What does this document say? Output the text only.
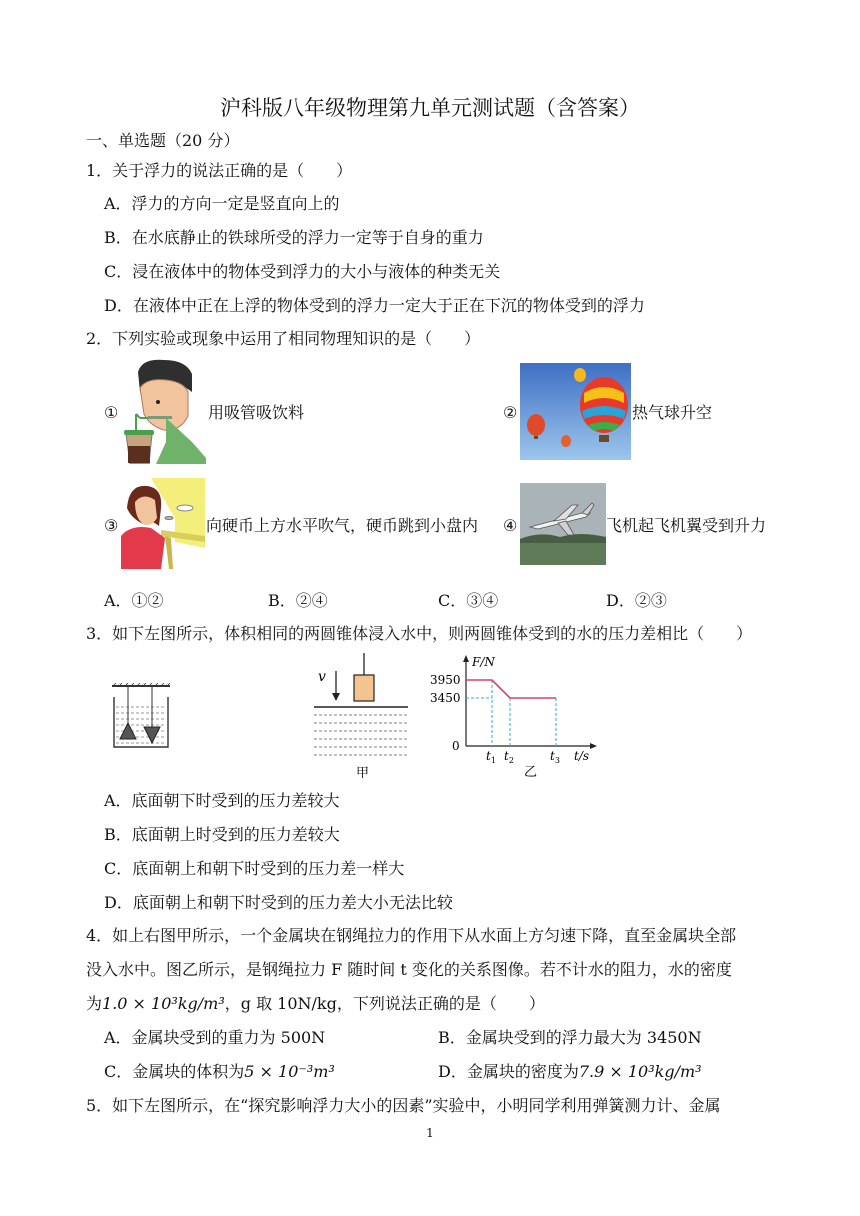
沪科版八年级物理第九单元测试题（含答案）
一、单选题（20 分）
1．关于浮力的说法正确的是（　　）
A．浮力的方向一定是竖直向上的
B．在水底静止的铁球所受的浮力一定等于自身的重力
C．浸在液体中的物体受到浮力的大小与液体的种类无关
D．在液体中正在上浮的物体受到的浮力一定大于正在下沉的物体受到的浮力
2．下列实验或现象中运用了相同物理知识的是（　　）
①	用吸管吸饮料	②	热气球升空
③	向硬币上方水平吹气，硬币跳到小盘内 ④	飞机起飞机翼受到升力
A．①②	B．②④	C．③④	D．②③
3．如下左图所示，体积相同的两圆锥体浸入水中，则两圆锥体受到的水的压力差相比（　　）
v
甲
F/N
3950
3450
0
$t_1$ $t_2$	$t_3$ t/s
乙
A．底面朝下时受到的压力差较大
B．底面朝上时受到的压力差较大
C．底面朝上和朝下时受到的压力差一样大
D．底面朝上和朝下时受到的压力差大小无法比较
4．如上右图甲所示，一个金属块在钢绳拉力的作用下从水面上方匀速下降，直至金属块全部
没入水中。图乙所示，是钢绳拉力 F 随时间 t 变化的关系图像。若不计水的阻力，水的密度
为1.0 × 10³kg/m³，g 取 10N/kg，下列说法正确的是（　　）
A．金属块受到的重力为 500N	B．金属块受到的浮力最大为 3450N
C．金属块的体积为5 × 10⁻³m³	D．金属块的密度为7.9 × 10³kg/m³
5．如下左图所示，在“探究影响浮力大小的因素”实验中，小明同学利用弹簧测力计、金属
1
